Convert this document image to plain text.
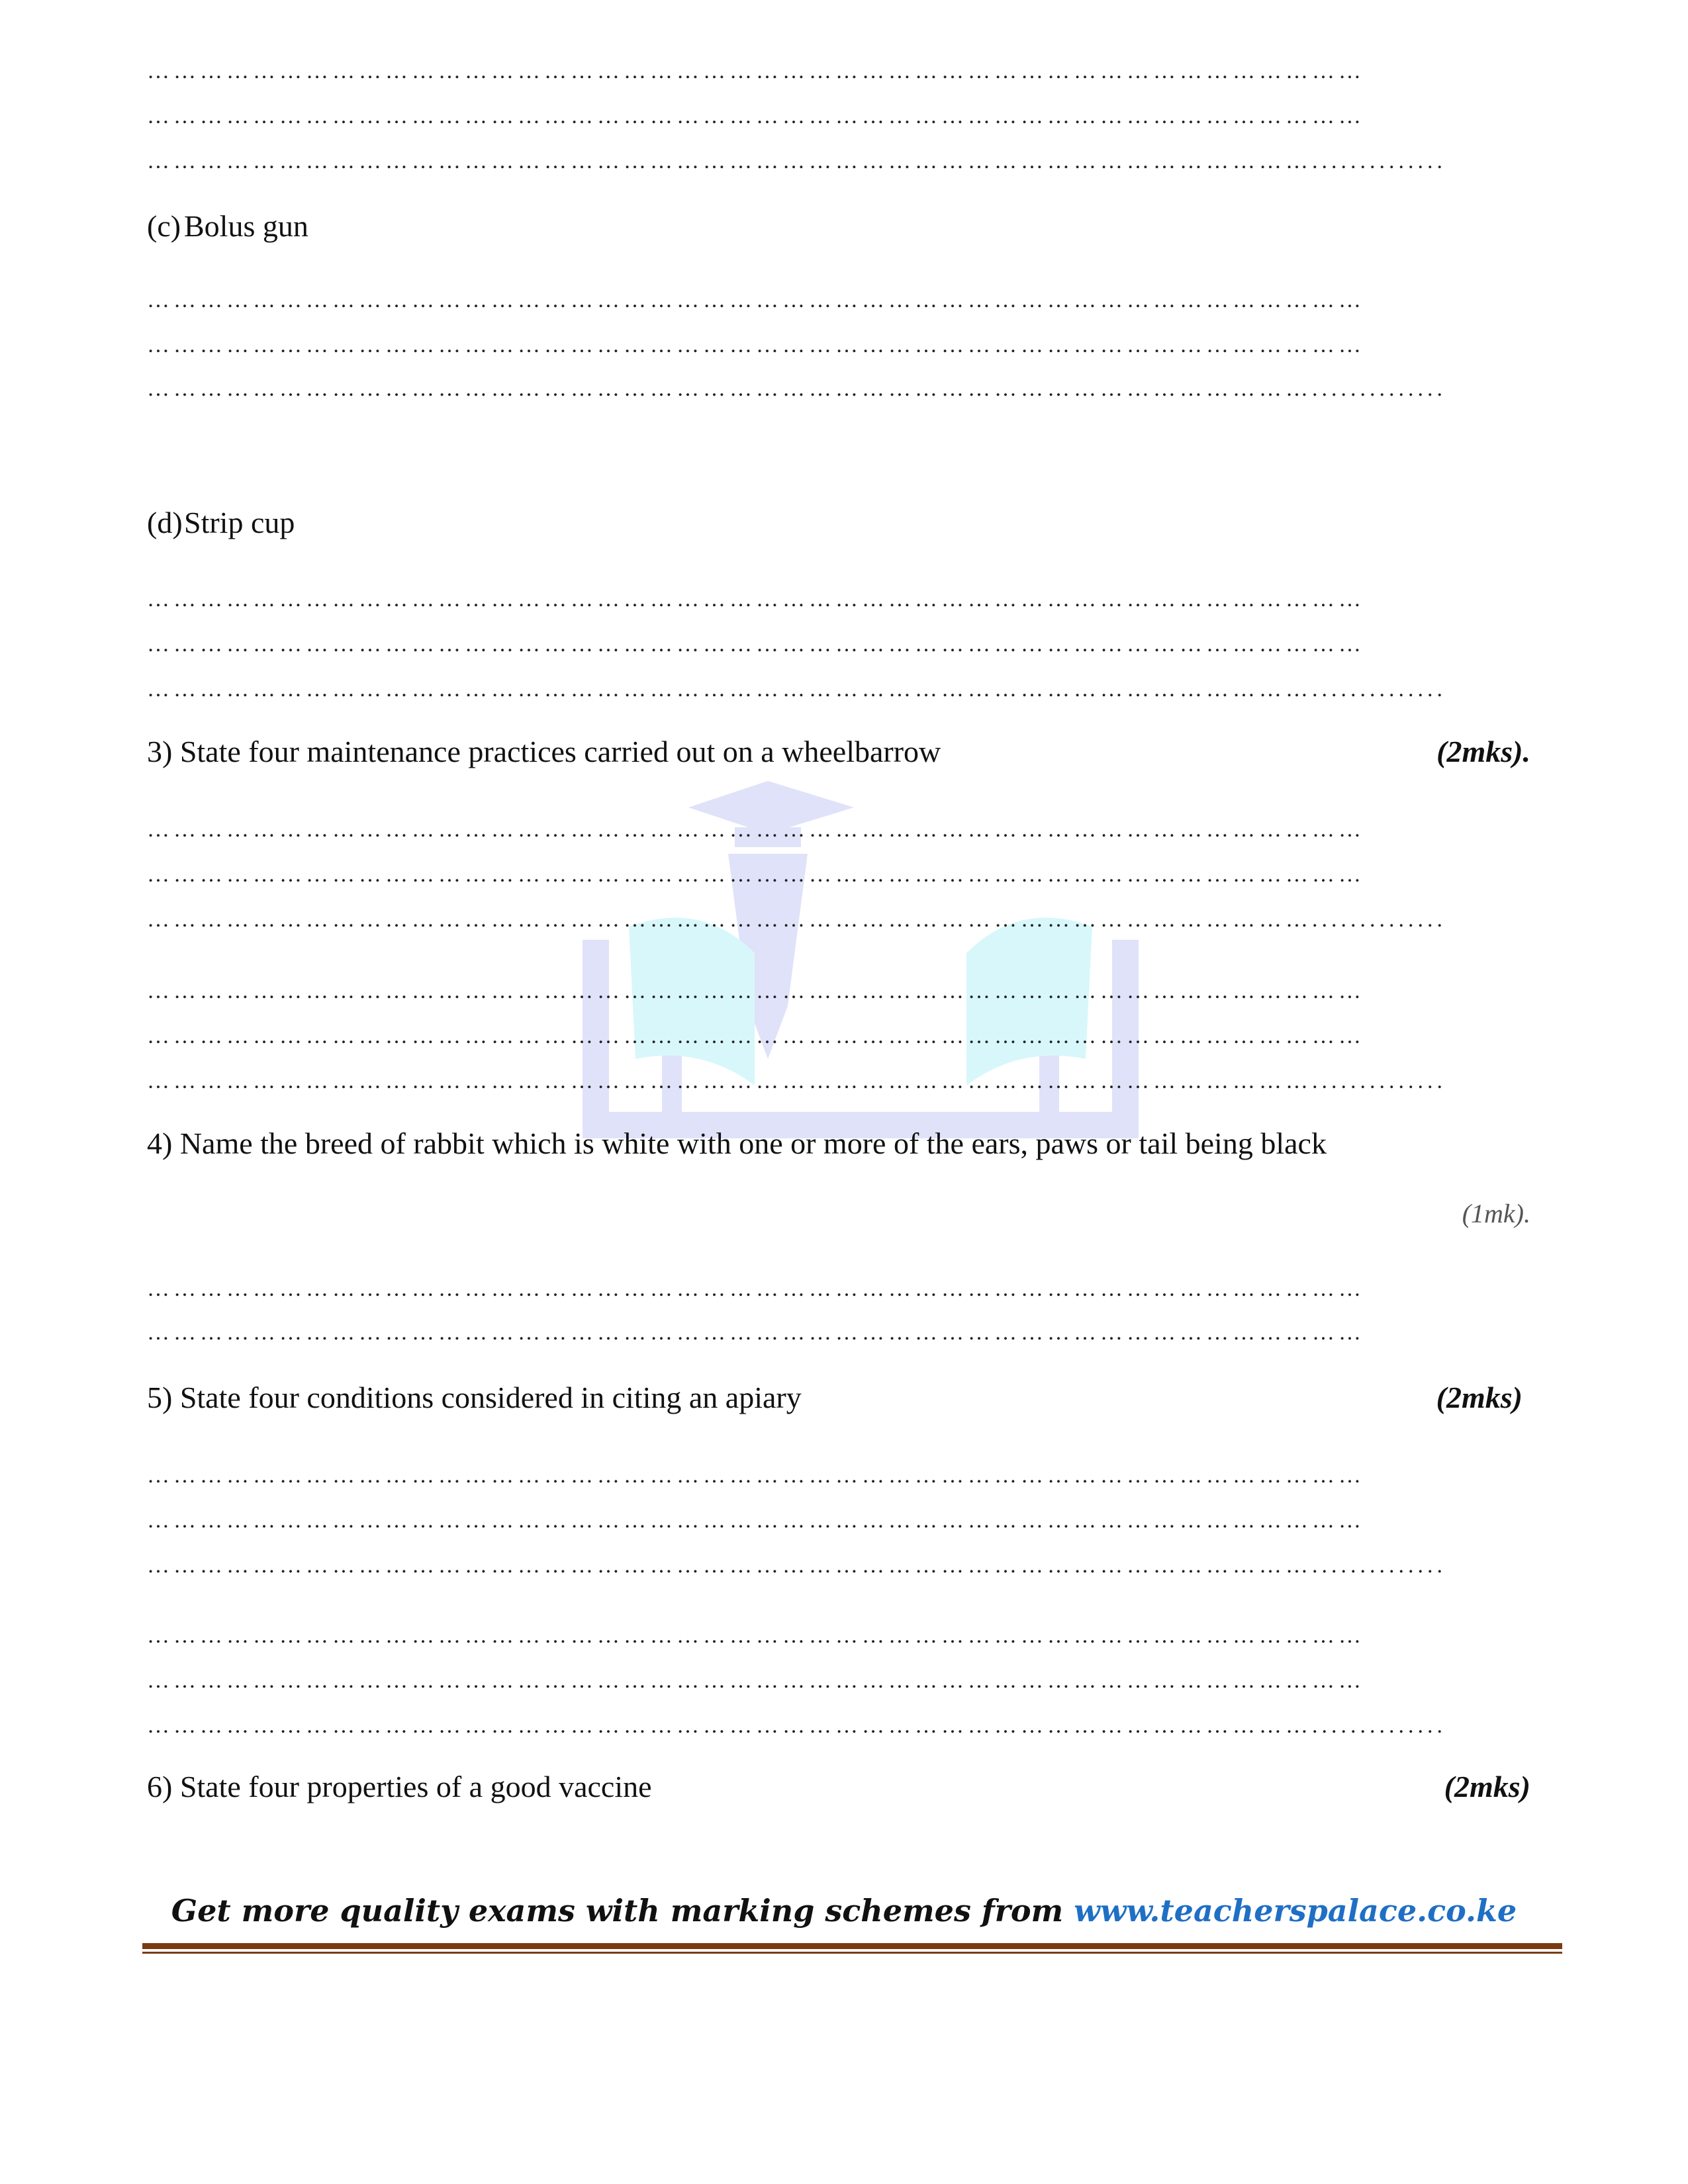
…………………………………………………………………………………………………………………………
…………………………………………………………………………………………………………………………
……………………………………………………………………………………………………………………..............
(c) Bolus gun
…………………………………………………………………………………………………………………………
…………………………………………………………………………………………………………………………
……………………………………………………………………………………………………………………..............
(d)Strip cup
…………………………………………………………………………………………………………………………
…………………………………………………………………………………………………………………………
……………………………………………………………………………………………………………………..............
3) State four maintenance practices carried out on a wheelbarrow	(2mks).
…………………………………………………………………………………………………………………………
…………………………………………………………………………………………………………………………
……………………………………………………………………………………………………………………..............
…………………………………………………………………………………………………………………………
…………………………………………………………………………………………………………………………
……………………………………………………………………………………………………………………..............
4) Name the breed of rabbit which is white with one or more of the ears, paws or tail being black
(1mk).
…………………………………………………………………………………………………………………………
…………………………………………………………………………………………………………………………
5) State four conditions considered in citing an apiary	(2mks)
…………………………………………………………………………………………………………………………
…………………………………………………………………………………………………………………………
……………………………………………………………………………………………………………………..............
…………………………………………………………………………………………………………………………
…………………………………………………………………………………………………………………………
……………………………………………………………………………………………………………………..............
6) State four properties of a good vaccine	(2mks)
Get more quality exams with marking schemes from www.teacherspalace.co.ke
